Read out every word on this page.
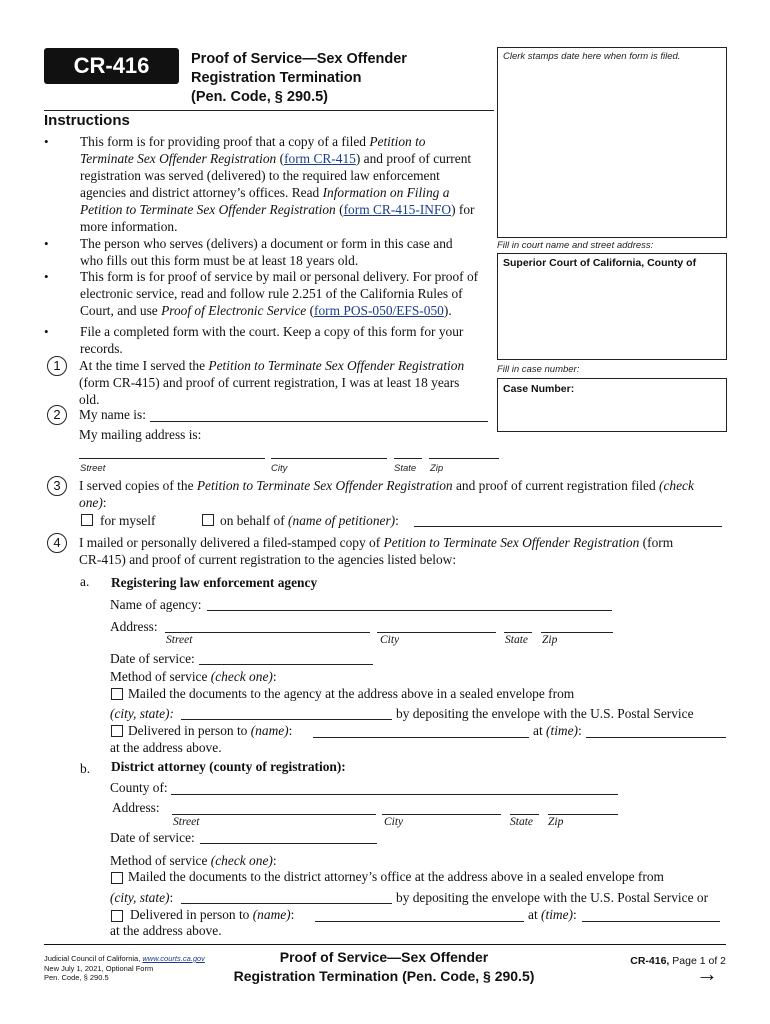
CR-416	Proof of Service—Sex Offender
Registration Termination
(Pen. Code, § 290.5)
Clerk stamps date here when form is filed.
Fill in court name and street address:
Superior Court of California, County of
Fill in case number:
Case Number:
Instructions
• This form is for providing proof that a copy of a filed Petition to
Terminate Sex Offender Registration (form CR-415) and proof of current
registration was served (delivered) to the required law enforcement
agencies and district attorney’s offices. Read Information on Filing a
Petition to Terminate Sex Offender Registration (form CR-415-INFO) for
more information.
• The person who serves (delivers) a document or form in this case and
who fills out this form must be at least 18 years old.
• This form is for proof of service by mail or personal delivery. For proof of
electronic service, read and follow rule 2.251 of the California Rules of
Court, and use Proof of Electronic Service (form POS-050/EFS-050).
• File a completed form with the court. Keep a copy of this form for your
records.
1	At the time I served the Petition to Terminate Sex Offender Registration
(form CR-415) and proof of current registration, I was at least 18 years
old.
2	My name is:
My mailing address is:
Street	City	State Zip
3	I served copies of the Petition to Terminate Sex Offender Registration and proof of current registration filed (check
one):
for myself	on behalf of (name of petitioner):
4	I mailed or personally delivered a filed-stamped copy of Petition to Terminate Sex Offender Registration (form
CR-415) and proof of current registration to the agencies listed below:
a. Registering law enforcement agency
Name of agency:
Address:
Street	City	State Zip
Date of service:
Method of service (check one):
Mailed the documents to the agency at the address above in a sealed envelope from
(city, state):	by depositing the envelope with the U.S. Postal Service
Delivered in person to (name):	at (time):
at the address above.
b. District attorney (county of registration):
County of:
Address:
Street	City	State Zip
Date of service:
Method of service (check one):
Mailed the documents to the district attorney’s office at the address above in a sealed envelope from
(city, state):	by depositing the envelope with the U.S. Postal Service or
Delivered in person to (name):	at (time):
at the address above.
Judicial Council of California, www.courts.ca.gov
New July 1, 2021, Optional Form
Pen. Code, § 290.5
Proof of Service—Sex Offender
Registration Termination (Pen. Code, § 290.5)
CR-416, Page 1 of 2
→
